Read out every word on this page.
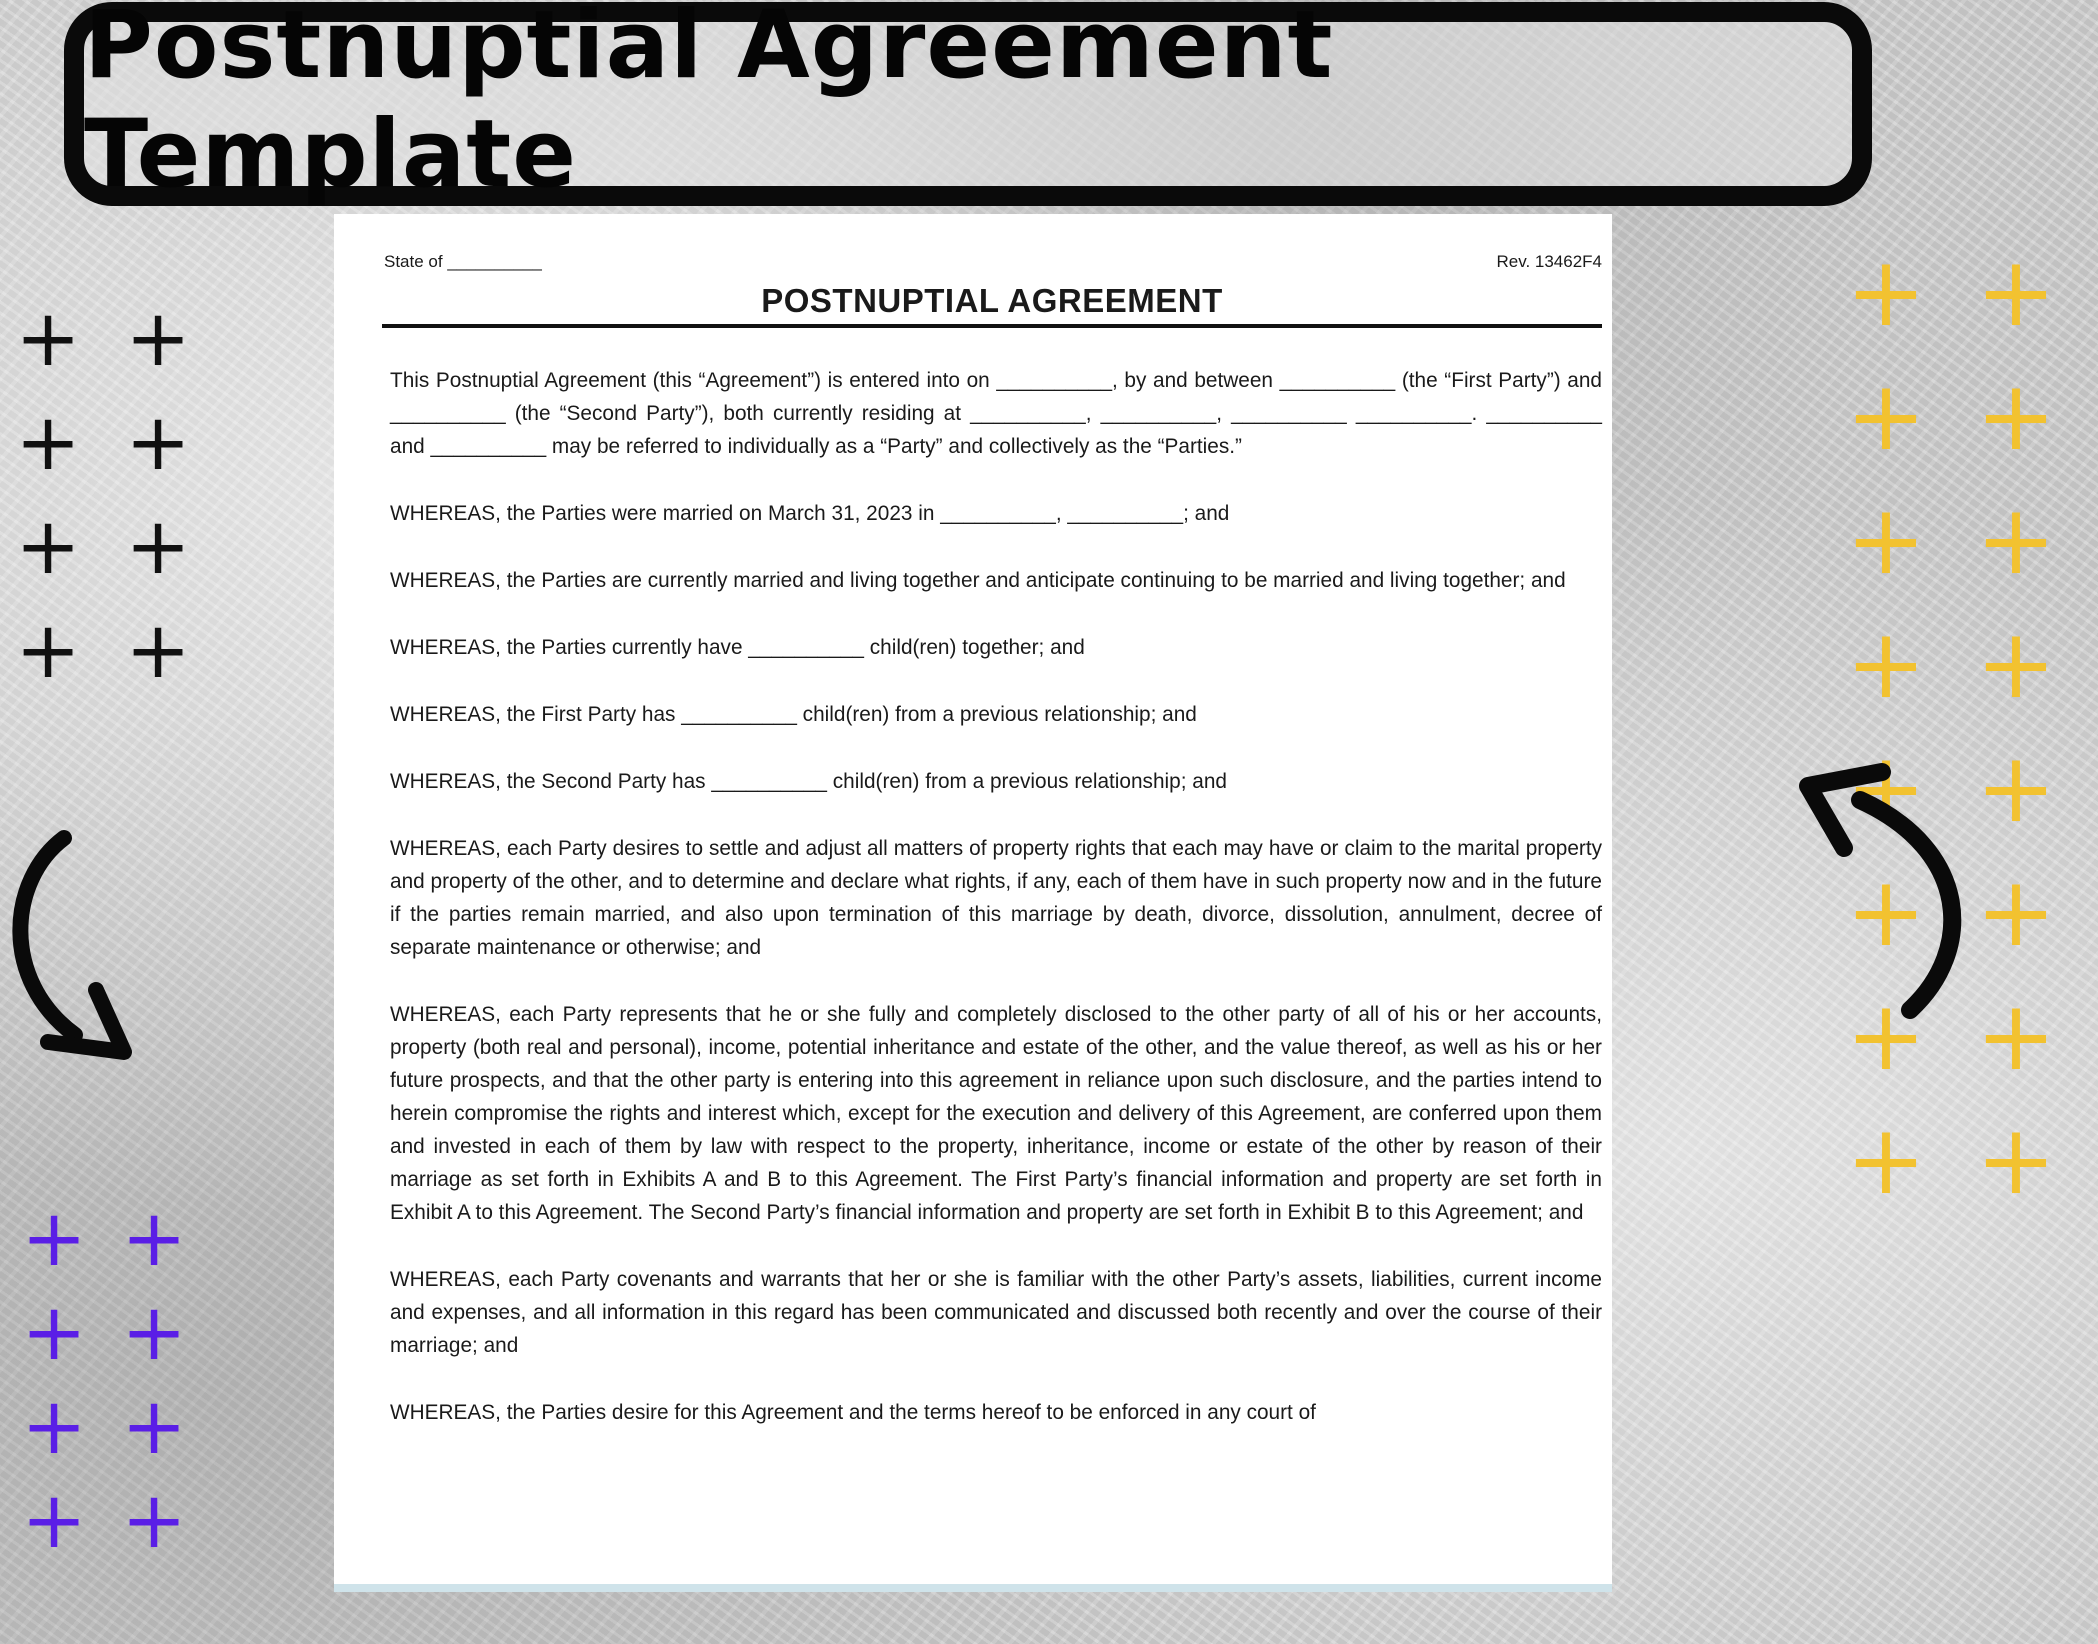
Postnuptial Agreement Template
+ +
+ +
+ +
+ +
+ +
+ +
+ +
+ +
+ +
+ +
+ +
+ +
+ +
+ +
+ +
+ +
State of __________	Rev. 13462F4
POSTNUPTIAL AGREEMENT

This Postnuptial Agreement (this “Agreement”) is entered into on __________, by and between __________ (the “First Party”) and __________ (the “Second Party”), both currently residing at __________, __________, __________ __________. __________ and __________ may be referred to individually as a “Party” and collectively as the “Parties.”

WHEREAS, the Parties were married on March 31, 2023 in __________, __________; and

WHEREAS, the Parties are currently married and living together and anticipate continuing to be married and living together; and

WHEREAS, the Parties currently have __________ child(ren) together; and

WHEREAS, the First Party has __________ child(ren) from a previous relationship; and

WHEREAS, the Second Party has __________ child(ren) from a previous relationship; and

WHEREAS, each Party desires to settle and adjust all matters of property rights that each may have or claim to the marital property and property of the other, and to determine and declare what rights, if any, each of them have in such property now and in the future if the parties remain married, and also upon termination of this marriage by death, divorce, dissolution, annulment, decree of separate maintenance or otherwise; and

WHEREAS, each Party represents that he or she fully and completely disclosed to the other party of all of his or her accounts, property (both real and personal), income, potential inheritance and estate of the other, and the value thereof, as well as his or her future prospects, and that the other party is entering into this agreement in reliance upon such disclosure, and the parties intend to herein compromise the rights and interest which, except for the execution and delivery of this Agreement, are conferred upon them and invested in each of them by law with respect to the property, inheritance, income or estate of the other by reason of their marriage as set forth in Exhibits A and B to this Agreement. The First Party’s financial information and property are set forth in Exhibit A to this Agreement. The Second Party’s financial information and property are set forth in Exhibit B to this Agreement; and

WHEREAS, each Party covenants and warrants that her or she is familiar with the other Party’s assets, liabilities, current income and expenses, and all information in this regard has been communicated and discussed both recently and over the course of their marriage; and

WHEREAS, the Parties desire for this Agreement and the terms hereof to be enforced in any court of
